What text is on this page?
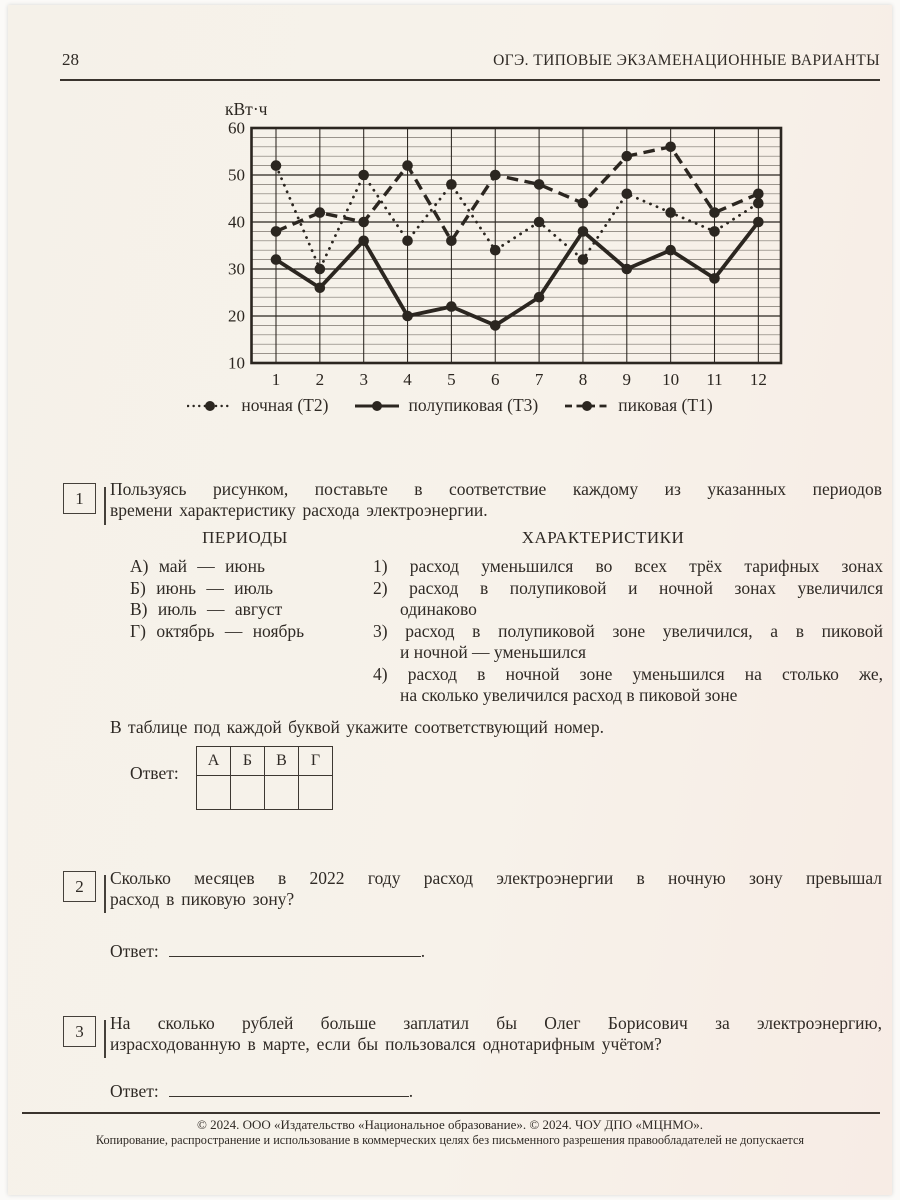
28	ОГЭ. ТИПОВЫЕ ЭКЗАМЕНАЦИОННЫЕ ВАРИАНТЫ
60
50
40
30
20
10
1 2 3 4 5 6 7 8 9 10 11 12
кВт·ч
ночная (Т2)	полупиковая (Т3)	пиковая (Т1)
1 Пользуясь рисунком, поставьте в соответствие каждому из указанных периодов
времени характеристику расхода электроэнергии.
ПЕРИОДЫ	ХАРАКТЕРИСТИКИ
А) май — июнь
Б) июнь — июль
В) июль — август
Г) октябрь — ноябрь
1) расход уменьшился во всех трёх тарифных зонах
2) расход в полупиковой и ночной зонах увеличился
одинаково
3) расход в полупиковой зоне увеличился, а в пиковой
и ночной — уменьшился
4) расход в ночной зоне уменьшился на столько же,
на сколько увеличился расход в пиковой зоне
В таблице под каждой буквой укажите соответствующий номер.
Ответ:
А	Б	В	Г

2 Сколько месяцев в 2022 году расход электроэнергии в ночную зону превышал
расход в пиковую зону?
Ответ:	.
3 На сколько рублей больше заплатил бы Олег Борисович за электроэнергию,
израсходованную в марте, если бы пользовался однотарифным учётом?
Ответ:	.
© 2024. ООО «Издательство «Национальное образование». © 2024. ЧОУ ДПО «МЦНМО».
Копирование, распространение и использование в коммерческих целях без письменного разрешения правообладателей не допускается
